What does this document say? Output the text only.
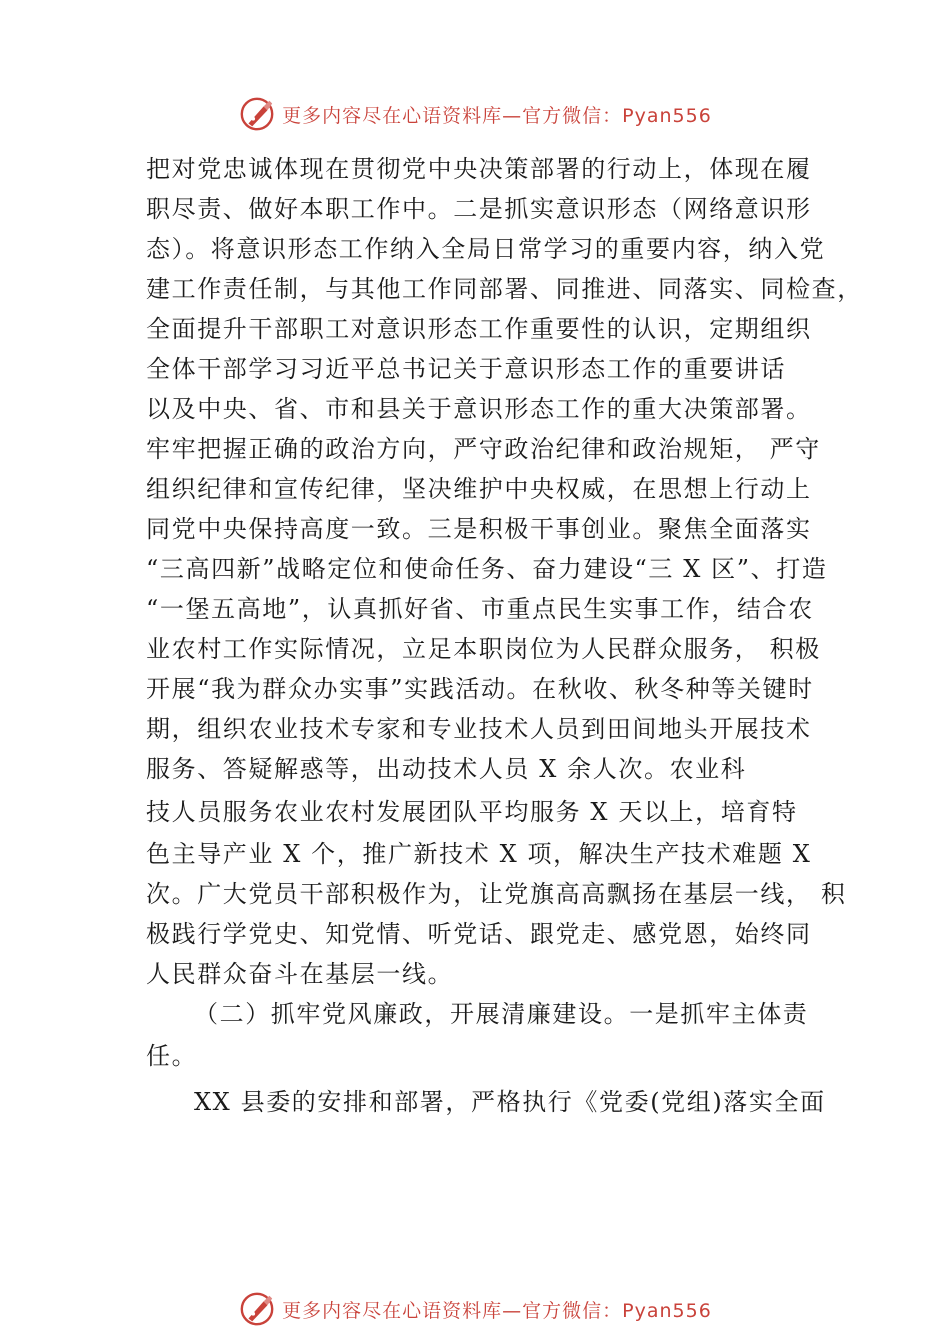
更多内容尽在心语资料库—官方微信：Pyan556
把对党忠诚体现在贯彻党中央决策部署的行动上，体现在履
职尽责、做好本职工作中。二是抓实意识形态（网络意识形
态）。将意识形态工作纳入全局日常学习的重要内容，纳入党
建工作责任制，与其他工作同部署、同推进、同落实、同检查，
全面提升干部职工对意识形态工作重要性的认识，定期组织
全体干部学习习近平总书记关于意识形态工作的重要讲话
以及中央、省、市和县关于意识形态工作的重大决策部署。
牢牢把握正确的政治方向，严守政治纪律和政治规矩， 严守
组织纪律和宣传纪律，坚决维护中央权威，在思想上行动上
同党中央保持高度一致。三是积极干事创业。聚焦全面落实
“三高四新”战略定位和使命任务、奋力建设“三 X 区”、打造
“一堡五高地”，认真抓好省、市重点民生实事工作，结合农
业农村工作实际情况，立足本职岗位为人民群众服务， 积极
开展“我为群众办实事”实践活动。在秋收、秋冬种等关键时
期，组织农业技术专家和专业技术人员到田间地头开展技术
服务、答疑解惑等，出动技术人员 X 余人次。农业科
技人员服务农业农村发展团队平均服务 X 天以上，培育特
色主导产业 X 个，推广新技术 X 项，解决生产技术难题 X
次。广大党员干部积极作为，让党旗高高飘扬在基层一线， 积
极践行学党史、知党情、听党话、跟党走、感党恩，始终同
人民群众奋斗在基层一线。
（二）抓牢党风廉政，开展清廉建设。一是抓牢主体责
任。
XX 县委的安排和部署，严格执行《党委(党组)落实全面
更多内容尽在心语资料库—官方微信：Pyan556
